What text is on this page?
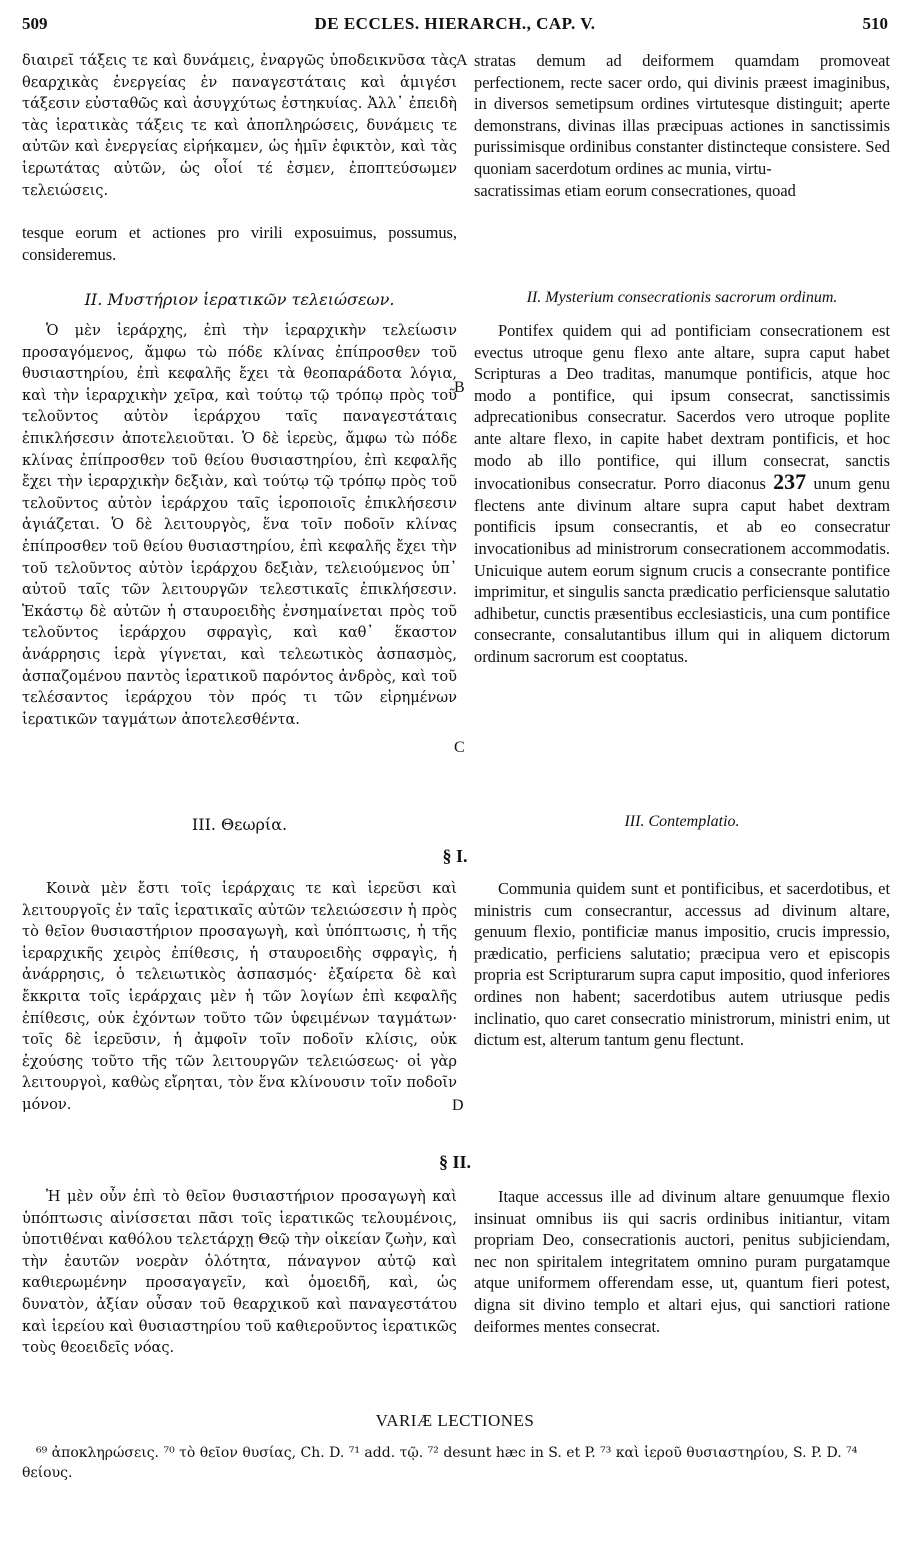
509	DE ECCLES. HIERARCH., CAP. V.	510

διαιρεῖ τάξεις τε καὶ δυνάμεις, ἐναργῶς ὑποδεικνῦσα τὰς θεαρχικὰς ἐνεργείας ἐν παναγεστάταις καὶ ἀμιγέσι τάξεσιν εὐσταθῶς καὶ ἀσυγχύτως ἑστηκυίας. Ἀλλ᾽ ἐπειδὴ τὰς ἱερατικὰς τάξεις τε καὶ ἀποπληρώσεις, δυνάμεις τε αὐτῶν καὶ ἐνεργείας εἰρήκαμεν, ὡς ἡμῖν ἐφικτὸν, καὶ τὰς ἱερωτάτας αὐτῶν, ὡς οἷοί τέ ἐσμεν, ἐποπτεύσωμεν τελειώσεις.

tesque eorum et actiones pro virili exposuimus, possumus, consideremus.

stratas demum ad deiformem quamdam promoveat perfectionem, recte sacer ordo, qui divinis præest imaginibus, in diversos semetipsum ordines virtutesque distinguit; aperte demonstrans, divinas illas præcipuas actiones in sanctissimis purissimisque ordinibus constanter distincteque consistere. Sed quoniam sacerdotum ordines ac munia, virtu-

sacratissimas etiam eorum consecrationes, quoad

A
II. Μυστήριον ἱερατικῶν τελειώσεων.	II. Mysterium consecrationis sacrorum ordinum.

Ὁ μὲν ἱεράρχης, ἐπὶ τὴν ἱεραρχικὴν τελείωσιν προσαγόμενος, ἄμφω τὼ πόδε κλίνας ἐπίπροσθεν τοῦ θυσιαστηρίου, ἐπὶ κεφαλῆς ἔχει τὰ θεοπαράδοτα λόγια, καὶ τὴν ἱεραρχικὴν χεῖρα, καὶ τούτῳ τῷ τρόπῳ πρὸς τοῦ τελοῦντος αὐτὸν ἱεράρχου ταῖς παναγεστάταις ἐπικλήσεσιν ἀποτελειοῦται. Ὁ δὲ ἱερεὺς, ἄμφω τὼ πόδε κλίνας ἐπίπροσθεν τοῦ θείου θυσιαστηρίου, ἐπὶ κεφαλῆς ἔχει τὴν ἱεραρχικὴν δεξιὰν, καὶ τούτῳ τῷ τρόπῳ πρὸς τοῦ τελοῦντος αὐτὸν ἱεράρχου ταῖς ἱεροποιοῖς ἐπικλήσεσιν ἁγιάζεται. Ὁ δὲ λειτουργὸς, ἕνα τοῖν ποδοῖν κλίνας ἐπίπροσθεν τοῦ θείου θυσιαστηρίου, ἐπὶ κεφαλῆς ἔχει τὴν τοῦ τελοῦντος αὐτὸν ἱεράρχου δεξιὰν, τελειούμενος ὑπ᾽ αὐτοῦ ταῖς τῶν λειτουργῶν τελεστικαῖς ἐπικλήσεσιν. Ἑκάστῳ δὲ αὐτῶν ἡ σταυροειδὴς ἐνσημαίνεται πρὸς τοῦ τελοῦντος ἱεράρχου σφραγὶς, καὶ καθ᾽ ἕκαστον ἀνάρρησις ἱερὰ γίγνεται, καὶ τελεωτικὸς ἀσπασμὸς, ἀσπαζομένου παντὸς ἱερατικοῦ παρόντος ἀνδρὸς, καὶ τοῦ τελέσαντος ἱεράρχου τὸν πρός τι τῶν εἰρημένων ἱερατικῶν ταγμάτων ἀποτελεσθέντα.

Pontifex quidem qui ad pontificiam consecrationem est evectus utroque genu flexo ante altare, supra caput habet Scripturas a Deo traditas, manumque pontificis, atque hoc modo a pontifice, qui ipsum consecrat, sanctissimis adprecationibus consecratur. Sacerdos vero utroque poplite ante altare flexo, in capite habet dextram pontificis, et hoc modo ab illo pontifice, qui illum consecrat, sanctis invocationibus consecratur. Porro diaconus 237 unum genu flectens ante divinum altare supra caput habet dextram pontificis ipsum consecrantis, et ab eo consecratur invocationibus ad ministrorum consecrationem accommodatis. Unicuique autem eorum signum crucis a consecrante pontifice imprimitur, et singulis sancta prædicatio perficiensque salutatio adhibetur, cunctis præsentibus ecclesiasticis, una cum pontifice consecrante, consalutantibus illum qui in aliquem dictorum ordinum sacrorum est cooptatus.

B
C
III. Θεωρία.	III. Contemplatio.
§ I.

Κοινὰ μὲν ἔστι τοῖς ἱεράρχαις τε καὶ ἱερεῦσι καὶ λειτουργοῖς ἐν ταῖς ἱερατικαῖς αὐτῶν τελειώσεσιν ἡ πρὸς τὸ θεῖον θυσιαστήριον προσαγωγὴ, καὶ ὑπόπτωσις, ἡ τῆς ἱεραρχικῆς χειρὸς ἐπίθεσις, ἡ σταυροειδὴς σφραγὶς, ἡ ἀνάρρησις, ὁ τελειωτικὸς ἀσπασμός· ἐξαίρετα δὲ καὶ ἔκκριτα τοῖς ἱεράρχαις μὲν ἡ τῶν λογίων ἐπὶ κεφαλῆς ἐπίθεσις, οὐκ ἐχόντων τοῦτο τῶν ὑφειμένων ταγμάτων· τοῖς δὲ ἱερεῦσιν, ἡ ἀμφοῖν τοῖν ποδοῖν κλίσις, οὐκ ἐχούσης τοῦτο τῆς τῶν λειτουργῶν τελειώσεως· οἱ γὰρ λειτουργοὶ, καθὼς εἴρηται, τὸν ἕνα κλίνουσιν τοῖν ποδοῖν μόνον.

Communia quidem sunt et pontificibus, et sacerdotibus, et ministris cum consecrantur, accessus ad divinum altare, genuum flexio, pontificiæ manus impositio, crucis impressio, prædicatio, perficiens salutatio; præcipua vero et episcopis propria est Scripturarum supra caput impositio, quod inferiores ordines non habent; sacerdotibus autem utriusque pedis inclinatio, quo caret consecratio ministrorum, ministri enim, ut dictum est, alterum tantum genu flectunt.

D
§ II.

Ἡ μὲν οὖν ἐπὶ τὸ θεῖον θυσιαστήριον προσαγωγὴ καὶ ὑπόπτωσις αἰνίσσεται πᾶσι τοῖς ἱερατικῶς τελουμένοις, ὑποτιθέναι καθόλου τελετάρχῃ Θεῷ τὴν οἰκείαν ζωὴν, καὶ τὴν ἑαυτῶν νοερὰν ὁλότητα, πάναγνον αὐτῷ καὶ καθιερωμένην προσαγαγεῖν, καὶ ὁμοειδῆ, καὶ, ὡς δυνατὸν, ἀξίαν οὖσαν τοῦ θεαρχικοῦ καὶ παναγεστάτου καὶ ἱερείου καὶ θυσιαστηρίου τοῦ καθιεροῦντος ἱερατικῶς τοὺς θεοειδεῖς νόας.

Itaque accessus ille ad divinum altare genuumque flexio insinuat omnibus iis qui sacris ordinibus initiantur, vitam propriam Deo, consecrationis auctori, penitus subjiciendam, nec non spiritalem integritatem omnino puram purgatamque atque uniformem offerendam esse, ut, quantum fieri potest, digna sit divino templo et altari ejus, qui sanctiori ratione deiformes mentes consecrat.

VARIÆ LECTIONES
⁶⁹ ἀποκληρώσεις. ⁷⁰ τὸ θεῖον θυσίας, Ch. D. ⁷¹ add. τῷ. ⁷² desunt hæc in S. et P. ⁷³ καὶ ἱεροῦ θυσιαστηρίου, S. P. D. ⁷⁴ θείους.
